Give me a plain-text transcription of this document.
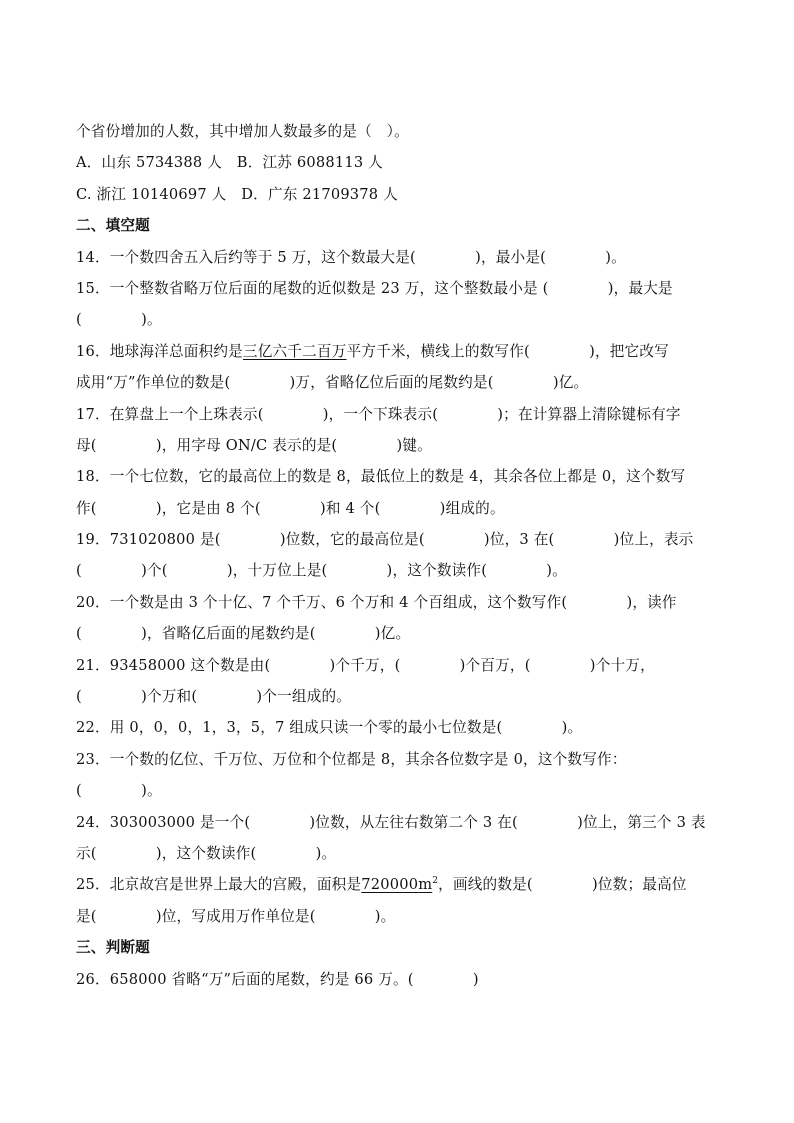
个省份增加的人数，其中增加人数最多的是（　）。
A．山东 5734388 人　B．江苏 6088113 人
C. 浙江 10140697 人　D．广东 21709378 人
二、填空题
14．一个数四舍五入后约等于 5 万，这个数最大是(　　　　)，最小是(　　　　)。
15．一个整数省略万位后面的尾数的近似数是 23 万，这个整数最小是 (　　　　)，最大是
(　　　　)。
16．地球海洋总面积约是三亿六千二百万平方千米，横线上的数写作(　　　　)，把它改写
成用“万”作单位的数是(　　　　)万，省略亿位后面的尾数约是(　　　　)亿。
17．在算盘上一个上珠表示(　　　　)，一个下珠表示(　　　　)；在计算器上清除键标有字
母(　　　　)，用字母 ON/C 表示的是(　　　　)键。
18．一个七位数，它的最高位上的数是 8，最低位上的数是 4，其余各位上都是 0，这个数写
作(　　　　)，它是由 8 个(　　　　)和 4 个(　　　　)组成的。
19．731020800 是(　　　　)位数，它的最高位是(　　　　)位，3 在(　　　　)位上，表示
(　　　　)个(　　　　)，十万位上是(　　　　)，这个数读作(　　　　)。
20．一个数是由 3 个十亿、7 个千万、6 个万和 4 个百组成，这个数写作(　　　　)，读作
(　　　　)，省略亿后面的尾数约是(　　　　)亿。
21．93458000 这个数是由(　　　　)个千万，(　　　　)个百万，(　　　　)个十万，
(　　　　)个万和(　　　　)个一组成的。
22．用 0，0，0，1，3，5，7 组成只读一个零的最小七位数是(　　　　)。
23．一个数的亿位、千万位、万位和个位都是 8，其余各位数字是 0，这个数写作：
(　　　　)。
24．303003000 是一个(　　　　)位数，从左往右数第二个 3 在(　　　　)位上，第三个 3 表
示(　　　　)，这个数读作(　　　　)。
25．北京故宫是世界上最大的宫殿，面积是$720000m^2$，画线的数是(　　　　)位数；最高位
是(　　　　)位，写成用万作单位是(　　　　)。
三、判断题
26．658000 省略“万”后面的尾数，约是 66 万。(　　　　)
